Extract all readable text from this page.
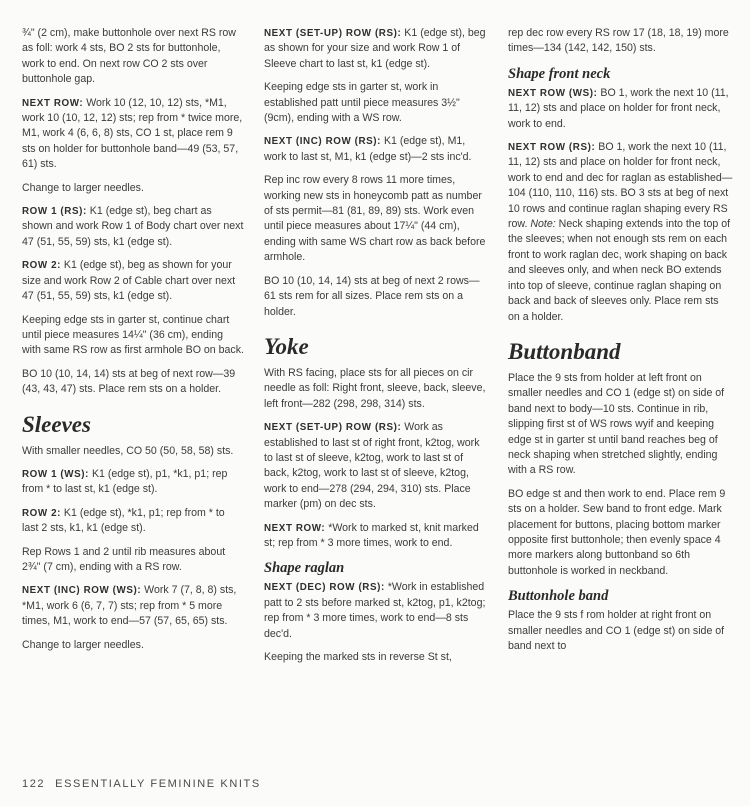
¾" (2 cm), make buttonhole over next RS row as foll: work 4 sts, BO 2 sts for buttonhole, work to end. On next row CO 2 sts over buttonhole gap.

NEXT ROW: Work 10 (12, 10, 12) sts, *M1, work 10 (10, 12, 12) sts; rep from * twice more, M1, work 4 (6, 6, 8) sts, CO 1 st, place rem 9 sts on holder for buttonhole band—49 (53, 57, 61) sts.

Change to larger needles.

ROW 1 (RS): K1 (edge st), beg chart as shown and work Row 1 of Body chart over next 47 (51, 55, 59) sts, k1 (edge st).

ROW 2: K1 (edge st), beg as shown for your size and work Row 2 of Cable chart over next 47 (51, 55, 59) sts, k1 (edge st).

Keeping edge sts in garter st, continue chart until piece measures 14¼" (36 cm), ending with same RS row as first armhole BO on back.

BO 10 (10, 14, 14) sts at beg of next row—39 (43, 43, 47) sts. Place rem sts on a holder.

Sleeves

With smaller needles, CO 50 (50, 58, 58) sts.

ROW 1 (WS): K1 (edge st), p1, *k1, p1; rep from * to last st, k1 (edge st).

ROW 2: K1 (edge st), *k1, p1; rep from * to last 2 sts, k1, k1 (edge st).

Rep Rows 1 and 2 until rib measures about 2¾" (7 cm), ending with a RS row.

NEXT (INC) ROW (WS): Work 7 (7, 8, 8) sts, *M1, work 6 (6, 7, 7) sts; rep from * 5 more times, M1, work to end—57 (57, 65, 65) sts.

Change to larger needles.

NEXT (SET-UP) ROW (RS): K1 (edge st), beg as shown for your size and work Row 1 of Sleeve chart to last st, k1 (edge st).

Keeping edge sts in garter st, work in established patt until piece measures 3½" (9cm), ending with a WS row.

NEXT (INC) ROW (RS): K1 (edge st), M1, work to last st, M1, k1 (edge st)—2 sts inc'd.

Rep inc row every 8 rows 11 more times, working new sts in honeycomb patt as number of sts permit—81 (81, 89, 89) sts. Work even until piece measures about 17¼" (44 cm), ending with same WS chart row as back before armhole.

BO 10 (10, 14, 14) sts at beg of next 2 rows—61 sts rem for all sizes. Place rem sts on a holder.

Yoke

With RS facing, place sts for all pieces on cir needle as foll: Right front, sleeve, back, sleeve, left front—282 (298, 298, 314) sts.

NEXT (SET-UP) ROW (RS): Work as established to last st of right front, k2tog, work to last st of sleeve, k2tog, work to last st of back, k2tog, work to last st of sleeve, k2tog, work to end—278 (294, 294, 310) sts. Place marker (pm) on dec sts.

NEXT ROW: *Work to marked st, knit marked st; rep from * 3 more times, work to end.

Shape raglan

NEXT (DEC) ROW (RS): *Work in established patt to 2 sts before marked st, k2tog, p1, k2tog; rep from * 3 more times, work to end—8 sts dec'd.

Keeping the marked sts in reverse St st,

rep dec row every RS row 17 (18, 18, 19) more times—134 (142, 142, 150) sts.

Shape front neck

NEXT ROW (WS): BO 1, work the next 10 (11, 11, 12) sts and place on holder for front neck, work to end.

NEXT ROW (RS): BO 1, work the next 10 (11, 11, 12) sts and place on holder for front neck, work to end and dec for raglan as established—104 (110, 110, 116) sts. BO 3 sts at beg of next 10 rows and continue raglan shaping every RS row. Note: Neck shaping extends into the top of the sleeves; when not enough sts rem on each front to work raglan dec, work shaping on back and sleeves only, and when neck BO extends into top of sleeve, continue raglan shaping on back and back of sleeves only. Place rem sts on a holder.

Buttonband

Place the 9 sts from holder at left front on smaller needles and CO 1 (edge st) on side of band next to body—10 sts. Continue in rib, slipping first st of WS rows wyif and keeping edge st in garter st until band reaches beg of neck shaping when stretched slightly, ending with a RS row.

BO edge st and then work to end. Place rem 9 sts on a holder. Sew band to front edge. Mark placement for buttons, placing bottom marker opposite first buttonhole; then evenly space 4 more markers along buttonband so 6th buttonhole is worked in neckband.

Buttonhole band

Place the 9 sts f rom holder at right front on smaller needles and CO 1 (edge st) on side of band next to

122 ESSENTIALLY FEMININE KNITS
